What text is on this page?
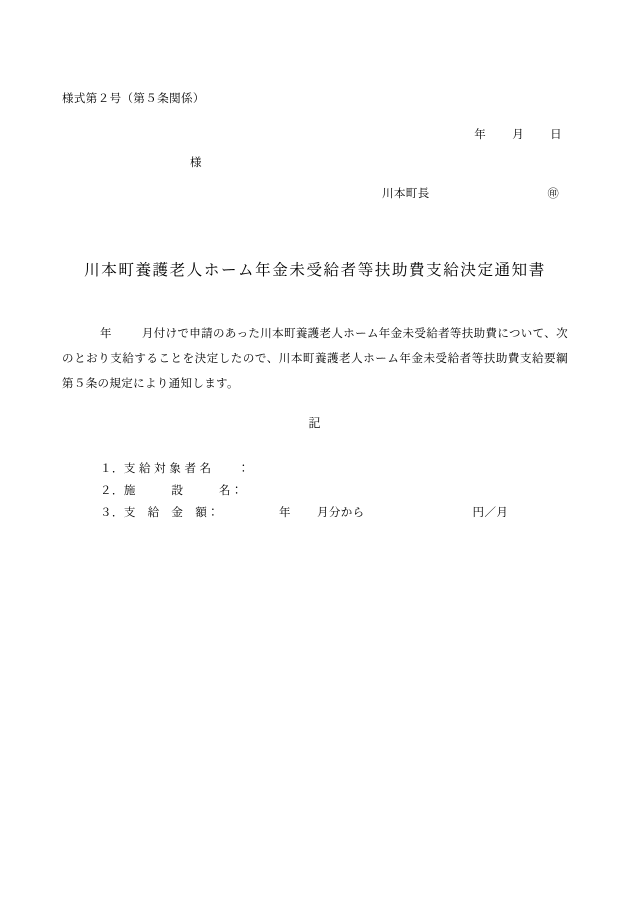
様式第２号（第５条関係）
年 月 日
様
川本町長	㊞
川本町養護老人ホーム年金未受給者等扶助費支給決定通知書
年	月付けで申請のあった川本町養護老人ホーム年金未受給者等扶助費について、次のとおり支給することを決定したので、川本町養護老人ホーム年金未受給者等扶助費支給要綱第５条の規定により通知します。
記
１．支 給 対 象 者 名 ：
２．施　　　設　　　名：
３．支　給　金　額：	年 月分から	円／月
